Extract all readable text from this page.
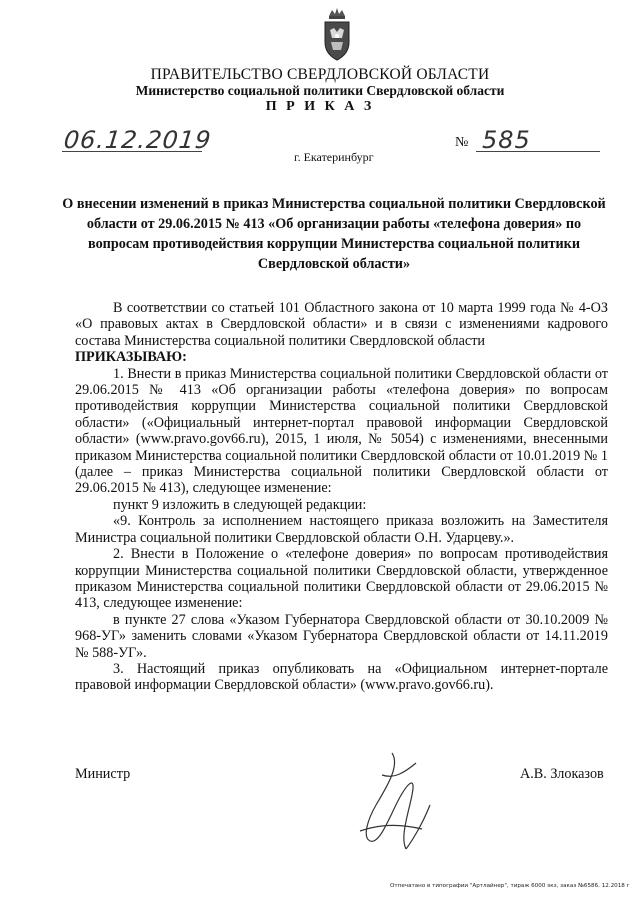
ПРАВИТЕЛЬСТВО СВЕРДЛОВСКОЙ ОБЛАСТИ
Министерство социальной политики Свердловской области
П Р И К А З
06.12.2019	№ 585
г. Екатеринбург
О внесении изменений в приказ Министерства социальной политики Свердловской области от 29.06.2015 № 413 «Об организации работы «телефона доверия» по вопросам противодействия коррупции Министерства социальной политики Свердловской области»

В соответствии со статьей 101 Областного закона от 10 марта 1999 года № 4-ОЗ «О правовых актах в Свердловской области» и в связи с изменениями кадрового состава Министерства социальной политики Свердловской области

ПРИКАЗЫВАЮ:

1. Внести в приказ Министерства социальной политики Свердловской области от 29.06.2015 № 413 «Об организации работы «телефона доверия» по вопросам противодействия коррупции Министерства социальной политики Свердловской области» («Официальный интернет-портал правовой информации Свердловской области» (www.pravo.gov66.ru), 2015, 1 июля, № 5054) с изменениями, внесенными приказом Министерства социальной политики Свердловской области от 10.01.2019 № 1 (далее – приказ Министерства социальной политики Свердловской области от 29.06.2015 № 413), следующее изменение:

пункт 9 изложить в следующей редакции:

«9. Контроль за исполнением настоящего приказа возложить на Заместителя Министра социальной политики Свердловской области О.Н. Ударцеву.».

2. Внести в Положение о «телефоне доверия» по вопросам противодействия коррупции Министерства социальной политики Свердловской области, утвержденное приказом Министерства социальной политики Свердловской области от 29.06.2015 № 413, следующее изменение:

в пункте 27 слова «Указом Губернатора Свердловской области от 30.10.2009 № 968-УГ» заменить словами «Указом Губернатора Свердловской области от 14.11.2019 № 588-УГ».

3. Настоящий приказ опубликовать на «Официальном интернет-портале правовой информации Свердловской области» (www.pravo.gov66.ru).

Министр	А.В. Злоказов
Отпечатано в типографии "Артлайнер", тираж 6000 экз, заказ №6586. 12.2018 г
